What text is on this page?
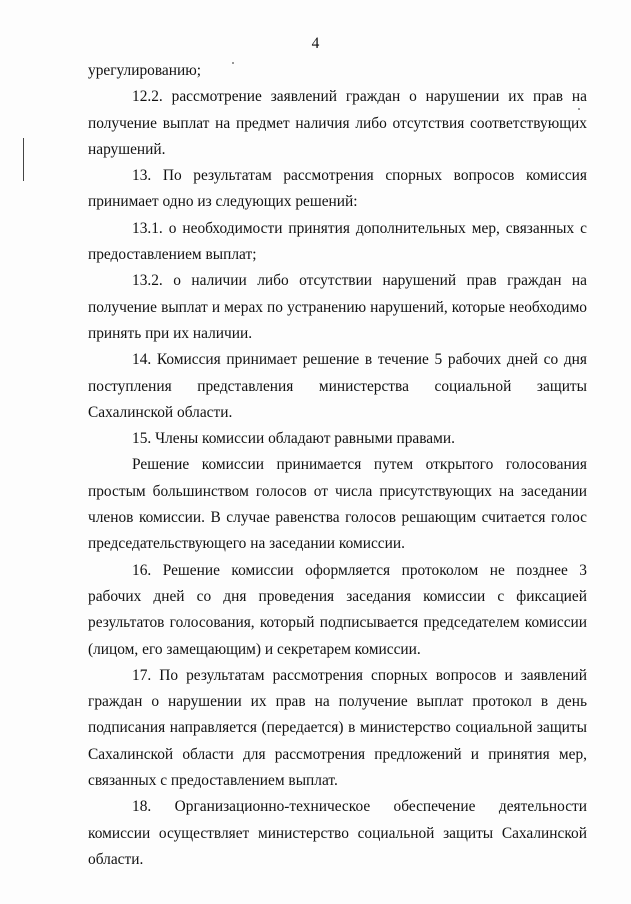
4

урегулированию;

12.2. рассмотрение заявлений граждан о нарушении их прав на получение выплат на предмет наличия либо отсутствия соответствующих нарушений.

13. По результатам рассмотрения спорных вопросов комиссия принимает одно из следующих решений:

13.1. о необходимости принятия дополнительных мер, связанных с предоставлением выплат;

13.2. о наличии либо отсутствии нарушений прав граждан на получение выплат и мерах по устранению нарушений, которые необходимо принять при их наличии.

14. Комиссия принимает решение в течение 5 рабочих дней со дня поступления представления министерства социальной защиты Сахалинской области.

15. Члены комиссии обладают равными правами.

Решение комиссии принимается путем открытого голосования простым большинством голосов от числа присутствующих на заседании членов комиссии. В случае равенства голосов решающим считается голос председательствующего на заседании комиссии.

16. Решение комиссии оформляется протоколом не позднее 3 рабочих дней со дня проведения заседания комиссии с фиксацией результатов голосования, который подписывается председателем комиссии (лицом, его замещающим) и секретарем комиссии.

17. По результатам рассмотрения спорных вопросов и заявлений граждан о нарушении их прав на получение выплат протокол в день подписания направляется (передается) в министерство социальной защиты Сахалинской области для рассмотрения предложений и принятия мер, связанных с предоставлением выплат.

18. Организационно-техническое обеспечение деятельности комиссии осуществляет министерство социальной защиты Сахалинской области.
